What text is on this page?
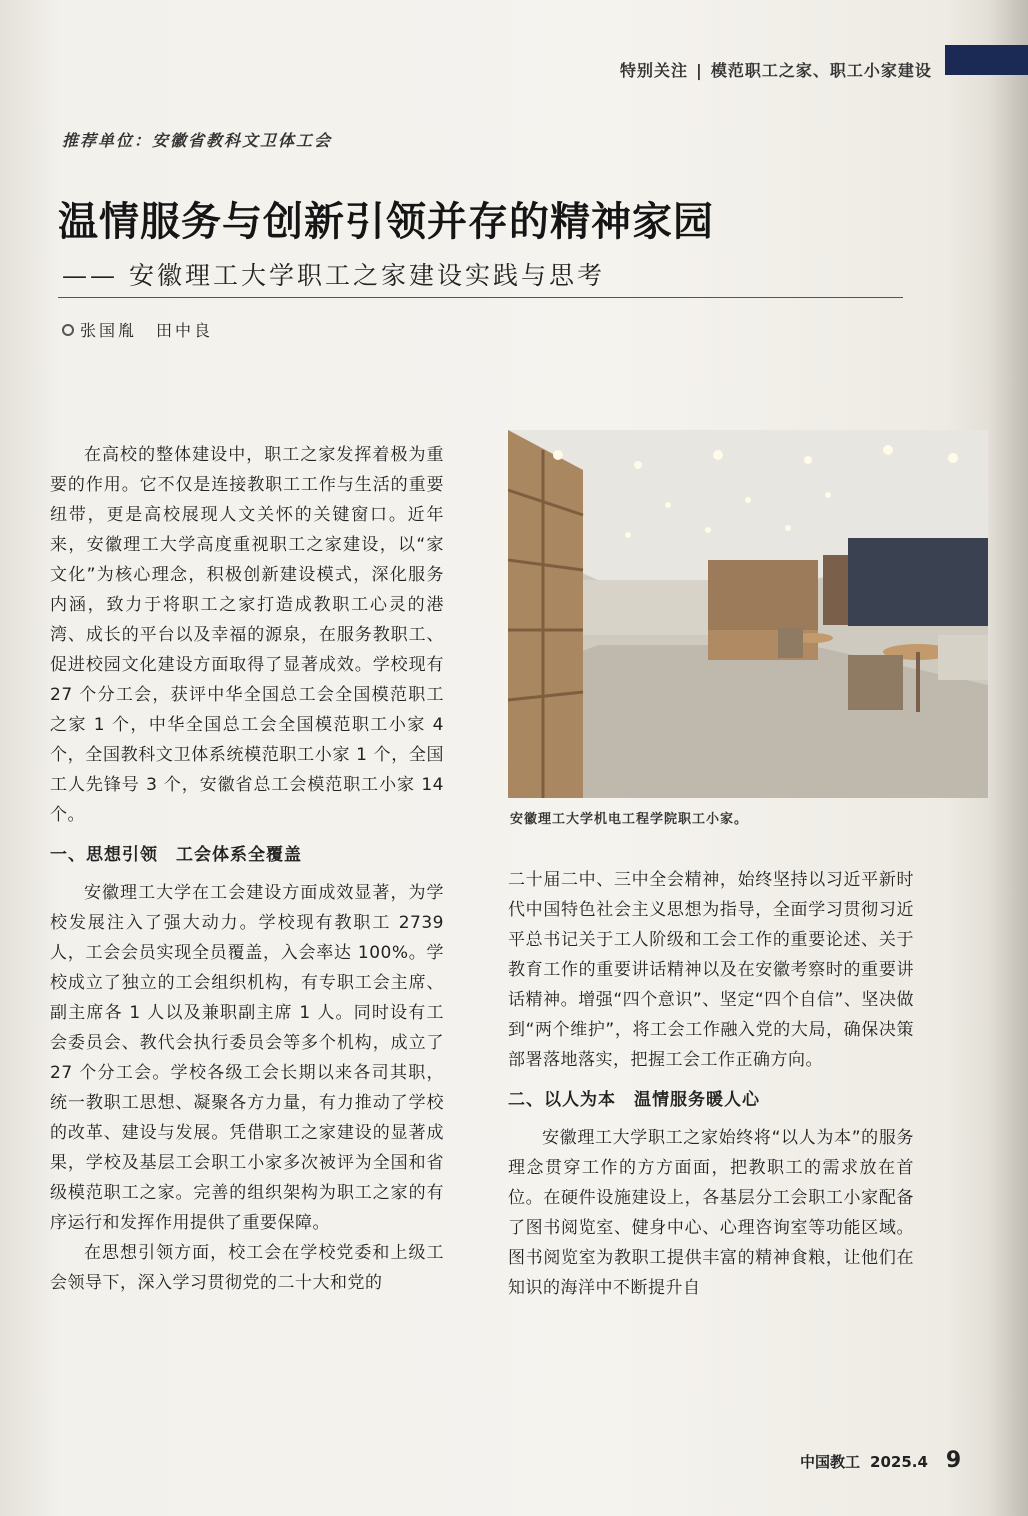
特别关注 | 模范职工之家、职工小家建设
推荐单位：安徽省教科文卫体工会
温情服务与创新引领并存的精神家园
—— 安徽理工大学职工之家建设实践与思考
张国胤　田中良

在高校的整体建设中，职工之家发挥着极为重要的作用。它不仅是连接教职工工作与生活的重要纽带，更是高校展现人文关怀的关键窗口。近年来，安徽理工大学高度重视职工之家建设，以“家文化”为核心理念，积极创新建设模式，深化服务内涵，致力于将职工之家打造成教职工心灵的港湾、成长的平台以及幸福的源泉，在服务教职工、促进校园文化建设方面取得了显著成效。学校现有 27 个分工会，获评中华全国总工会全国模范职工之家 1 个，中华全国总工会全国模范职工小家 4 个，全国教科文卫体系统模范职工小家 1 个，全国工人先锋号 3 个，安徽省总工会模范职工小家 14 个。

一、思想引领　工会体系全覆盖

安徽理工大学在工会建设方面成效显著，为学校发展注入了强大动力。学校现有教职工 2739 人，工会会员实现全员覆盖，入会率达 100%。学校成立了独立的工会组织机构，有专职工会主席、副主席各 1 人以及兼职副主席 1 人。同时设有工会委员会、教代会执行委员会等多个机构，成立了 27 个分工会。学校各级工会长期以来各司其职，统一教职工思想、凝聚各方力量，有力推动了学校的改革、建设与发展。凭借职工之家建设的显著成果，学校及基层工会职工小家多次被评为全国和省级模范职工之家。完善的组织架构为职工之家的有序运行和发挥作用提供了重要保障。

在思想引领方面，校工会在学校党委和上级工会领导下，深入学习贯彻党的二十大和党的

安徽理工大学机电工程学院职工小家。

二十届二中、三中全会精神，始终坚持以习近平新时代中国特色社会主义思想为指导，全面学习贯彻习近平总书记关于工人阶级和工会工作的重要论述、关于教育工作的重要讲话精神以及在安徽考察时的重要讲话精神。增强“四个意识”、坚定“四个自信”、坚决做到“两个维护”，将工会工作融入党的大局，确保决策部署落地落实，把握工会工作正确方向。

二、以人为本　温情服务暖人心

安徽理工大学职工之家始终将“以人为本”的服务理念贯穿工作的方方面面，把教职工的需求放在首位。在硬件设施建设上，各基层分工会职工小家配备了图书阅览室、健身中心、心理咨询室等功能区域。图书阅览室为教职工提供丰富的精神食粮，让他们在知识的海洋中不断提升自

中国教工 2025.4 9
